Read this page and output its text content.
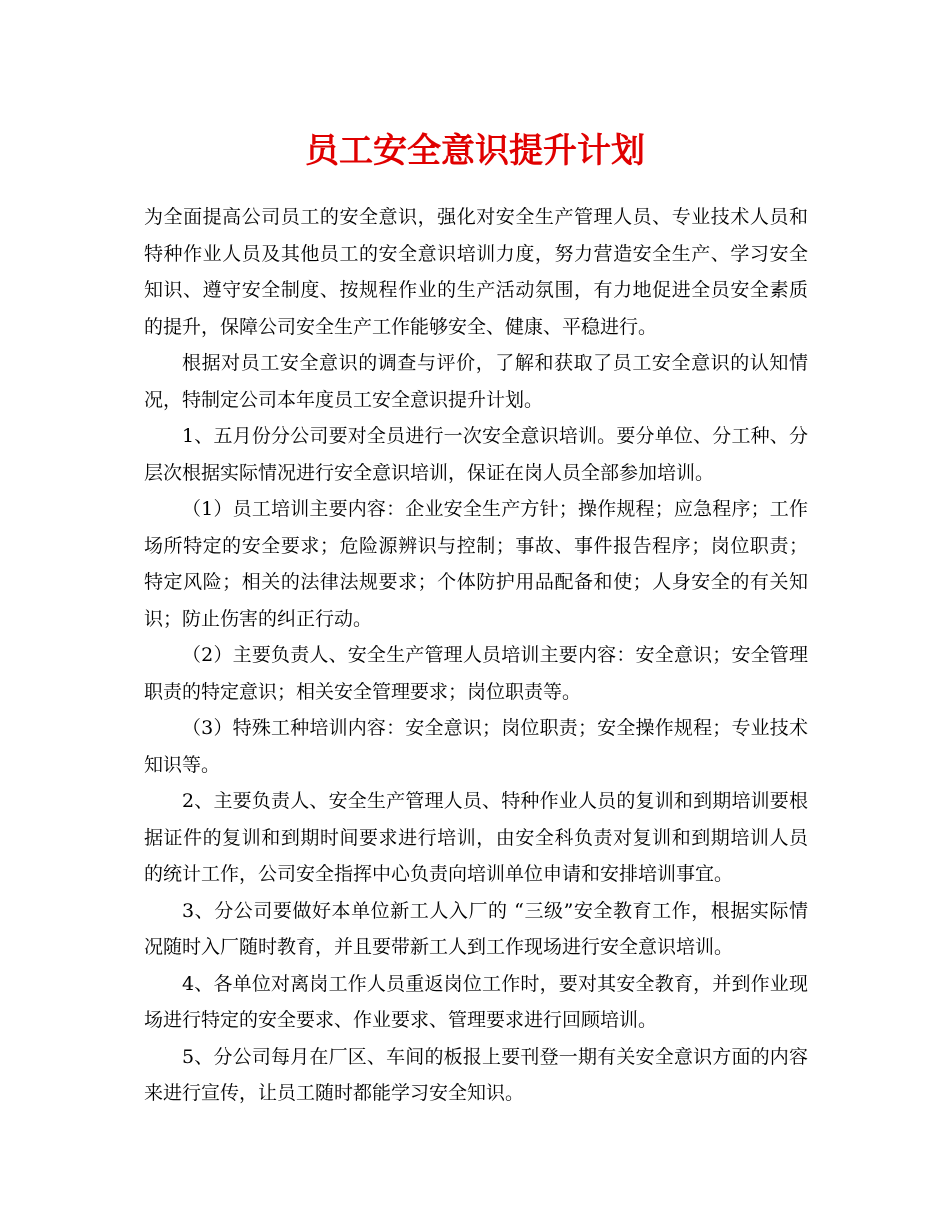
员工安全意识提升计划

为全面提高公司员工的安全意识，强化对安全生产管理人员、专业技术人员和特种作业人员及其他员工的安全意识培训力度，努力营造安全生产、学习安全知识、遵守安全制度、按规程作业的生产活动氛围，有力地促进全员安全素质的提升，保障公司安全生产工作能够安全、健康、平稳进行。

根据对员工安全意识的调查与评价，了解和获取了员工安全意识的认知情况，特制定公司本年度员工安全意识提升计划。

1、五月份分公司要对全员进行一次安全意识培训。要分单位、分工种、分层次根据实际情况进行安全意识培训，保证在岗人员全部参加培训。

（1）员工培训主要内容：企业安全生产方针；操作规程；应急程序；工作场所特定的安全要求；危险源辨识与控制；事故、事件报告程序；岗位职责；特定风险；相关的法律法规要求；个体防护用品配备和使；人身安全的有关知识；防止伤害的纠正行动。

（2）主要负责人、安全生产管理人员培训主要内容：安全意识；安全管理职责的特定意识；相关安全管理要求；岗位职责等。

（3）特殊工种培训内容：安全意识；岗位职责；安全操作规程；专业技术知识等。

2、主要负责人、安全生产管理人员、特种作业人员的复训和到期培训要根据证件的复训和到期时间要求进行培训，由安全科负责对复训和到期培训人员的统计工作，公司安全指挥中心负责向培训单位申请和安排培训事宜。

3、分公司要做好本单位新工人入厂的 “三级”安全教育工作，根据实际情况随时入厂随时教育，并且要带新工人到工作现场进行安全意识培训。

4、各单位对离岗工作人员重返岗位工作时，要对其安全教育，并到作业现场进行特定的安全要求、作业要求、管理要求进行回顾培训。

5、分公司每月在厂区、车间的板报上要刊登一期有关安全意识方面的内容来进行宣传，让员工随时都能学习安全知识。
